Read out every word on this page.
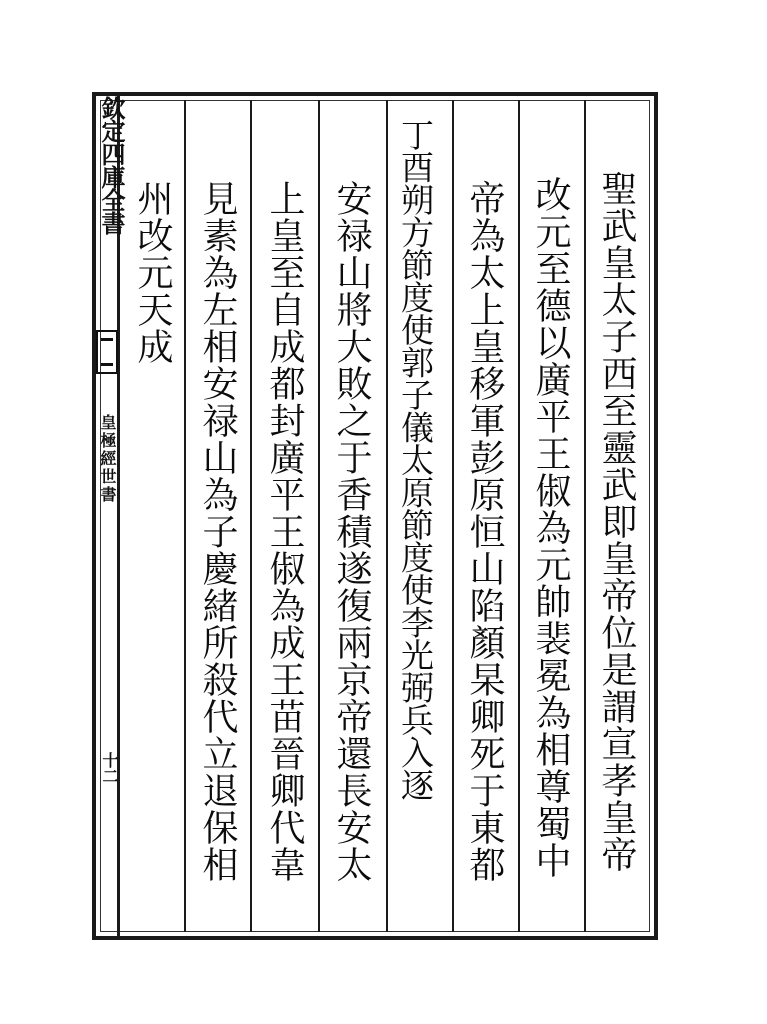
欽定四庫全書
皇極經世書
十二	聖武皇太子西至靈武即皇帝位是謂宣孝皇帝
改元至德以廣平王俶為元帥裴冕為相尊蜀中
帝為太上皇移軍彭原恒山陷顏杲卿死于東都
丁酉朔方節度使郭子儀太原節度使李光弼兵入逐
安禄山將大敗之于香積遂復兩京帝還長安太
上皇至自成都封廣平王俶為成王苗晉卿代韋
見素為左相安禄山為子慶緒所殺代立退保相
州改元天成
